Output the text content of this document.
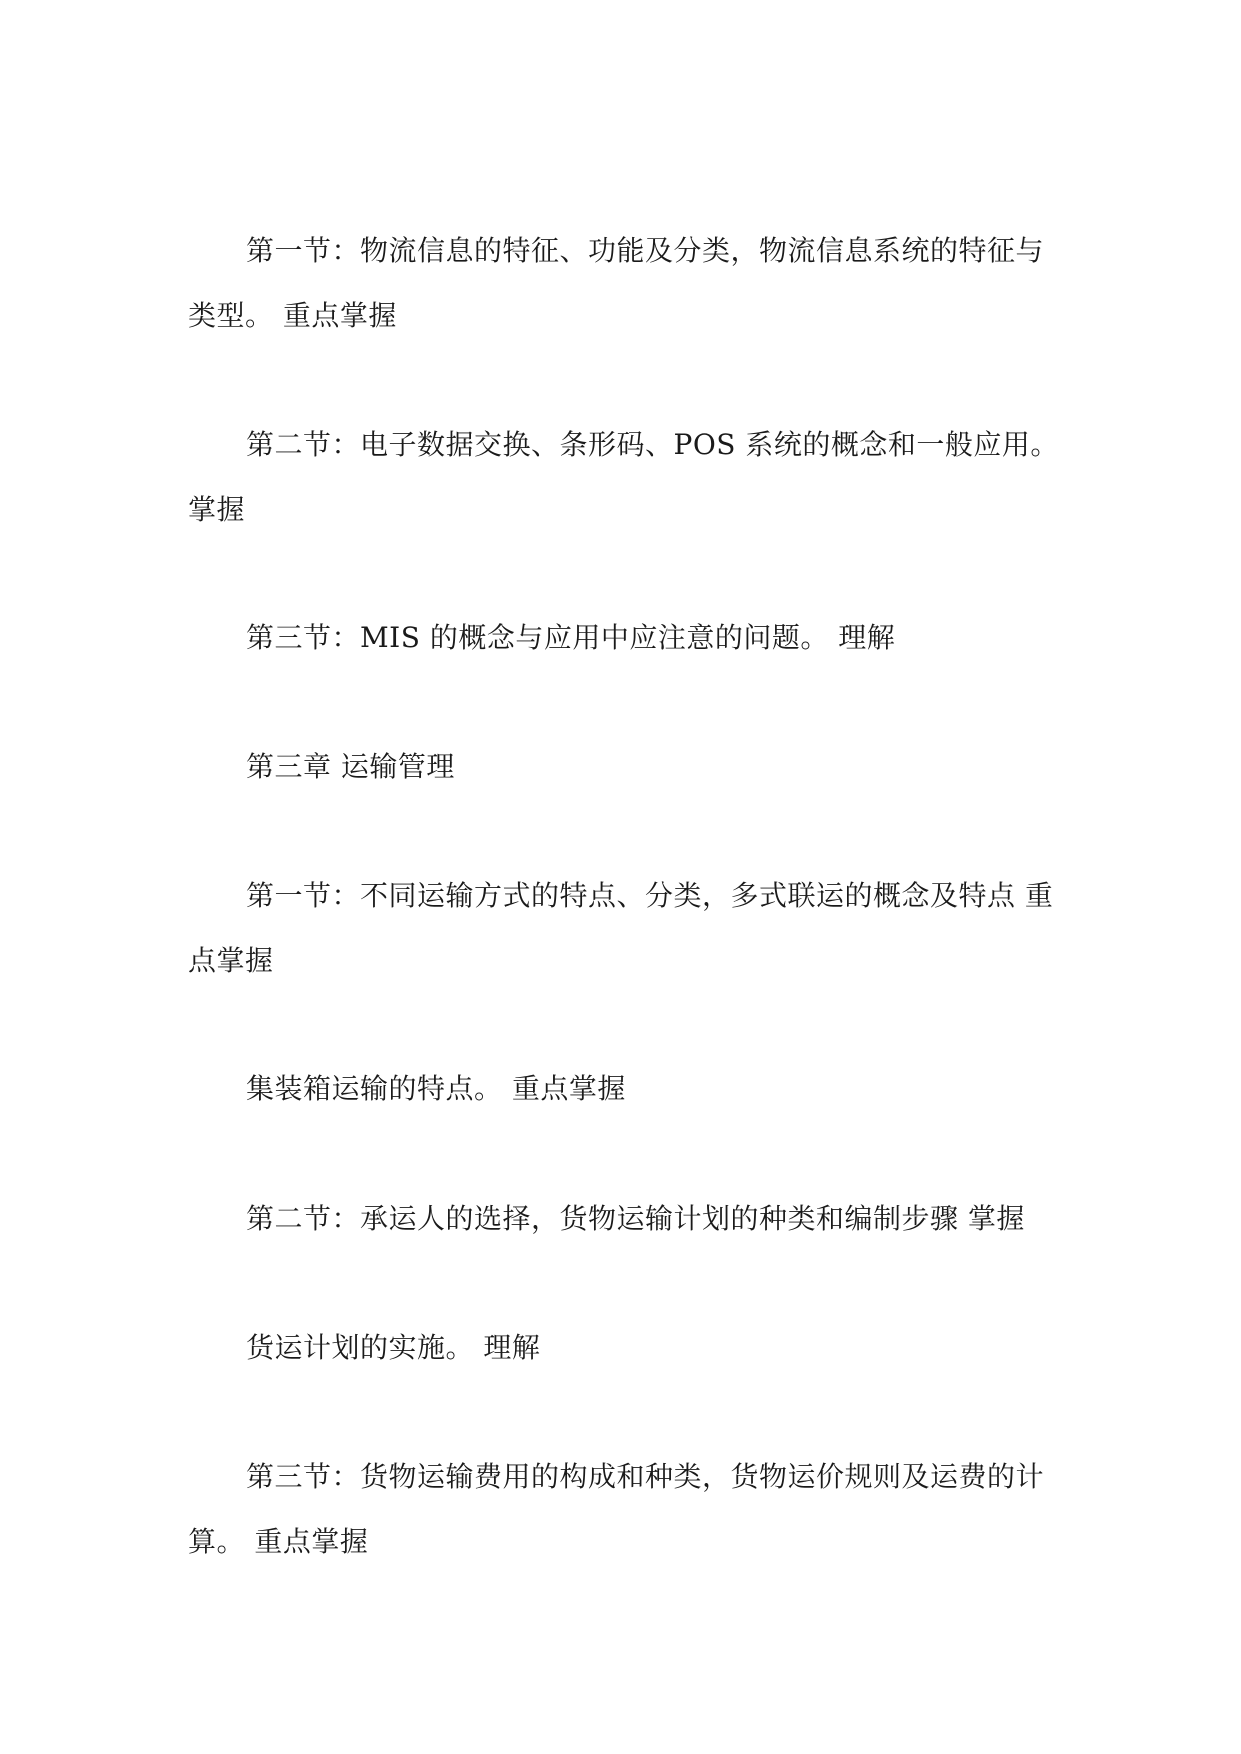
第一节：物流信息的特征、功能及分类，物流信息系统的特征与类型。 重点掌握

第二节：电子数据交换、条形码、POS 系统的概念和一般应用。掌握

第三节：MIS 的概念与应用中应注意的问题。 理解

第三章 运输管理

第一节：不同运输方式的特点、分类，多式联运的概念及特点 重点掌握

集装箱运输的特点。 重点掌握

第二节：承运人的选择，货物运输计划的种类和编制步骤 掌握

货运计划的实施。 理解

第三节：货物运输费用的构成和种类，货物运价规则及运费的计算。 重点掌握
